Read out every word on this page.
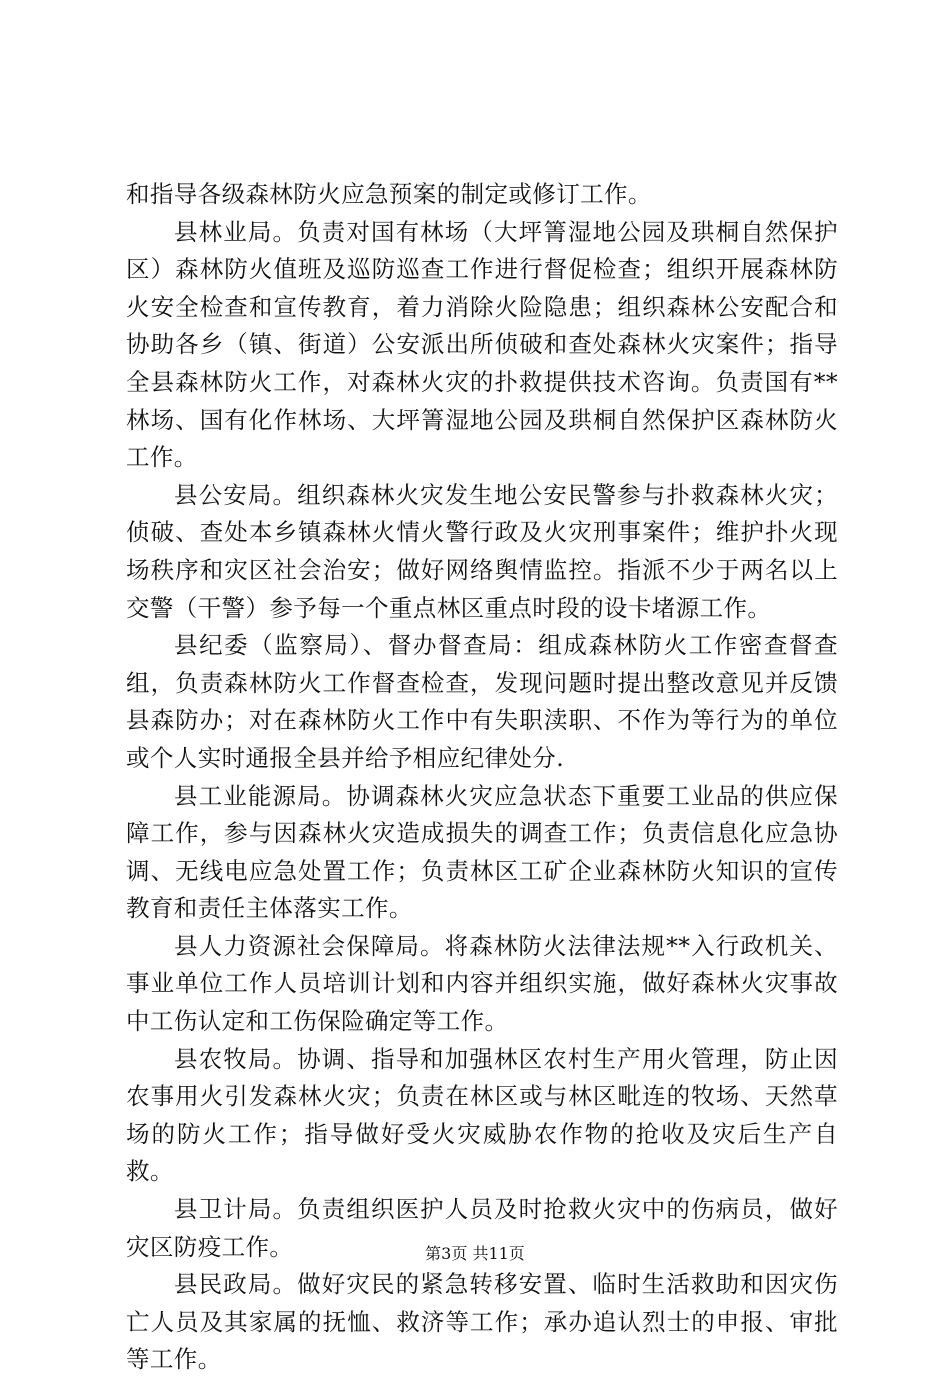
和指导各级森林防火应急预案的制定或修订工作。

县林业局。负责对国有林场（大坪箐湿地公园及珙桐自然保护区）森林防火值班及巡防巡查工作进行督促检查；组织开展森林防火安全检查和宣传教育，着力消除火险隐患；组织森林公安配合和协助各乡（镇、街道）公安派出所侦破和查处森林火灾案件；指导全县森林防火工作，对森林火灾的扑救提供技术咨询。负责国有**林场、国有化作林场、大坪箐湿地公园及珙桐自然保护区森林防火工作。

县公安局。组织森林火灾发生地公安民警参与扑救森林火灾；侦破、查处本乡镇森林火情火警行政及火灾刑事案件；维护扑火现场秩序和灾区社会治安；做好网络舆情监控。指派不少于两名以上交警（干警）参予每一个重点林区重点时段的设卡堵源工作。

县纪委（监察局）、督办督查局：组成森林防火工作密查督查组，负责森林防火工作督查检查，发现问题时提出整改意见并反馈县森防办；对在森林防火工作中有失职渎职、不作为等行为的单位或个人实时通报全县并给予相应纪律处分.

县工业能源局。协调森林火灾应急状态下重要工业品的供应保障工作，参与因森林火灾造成损失的调查工作；负责信息化应急协调、无线电应急处置工作；负责林区工矿企业森林防火知识的宣传教育和责任主体落实工作。

县人力资源社会保障局。将森林防火法律法规**入行政机关、事业单位工作人员培训计划和内容并组织实施，做好森林火灾事故中工伤认定和工伤保险确定等工作。

县农牧局。协调、指导和加强林区农村生产用火管理，防止因农事用火引发森林火灾；负责在林区或与林区毗连的牧场、天然草场的防火工作；指导做好受火灾威胁农作物的抢收及灾后生产自救。

县卫计局。负责组织医护人员及时抢救火灾中的伤病员，做好灾区防疫工作。

县民政局。做好灾民的紧急转移安置、临时生活救助和因灾伤亡人员及其家属的抚恤、救济等工作；承办追认烈士的申报、审批等工作。

第3页 共11页
